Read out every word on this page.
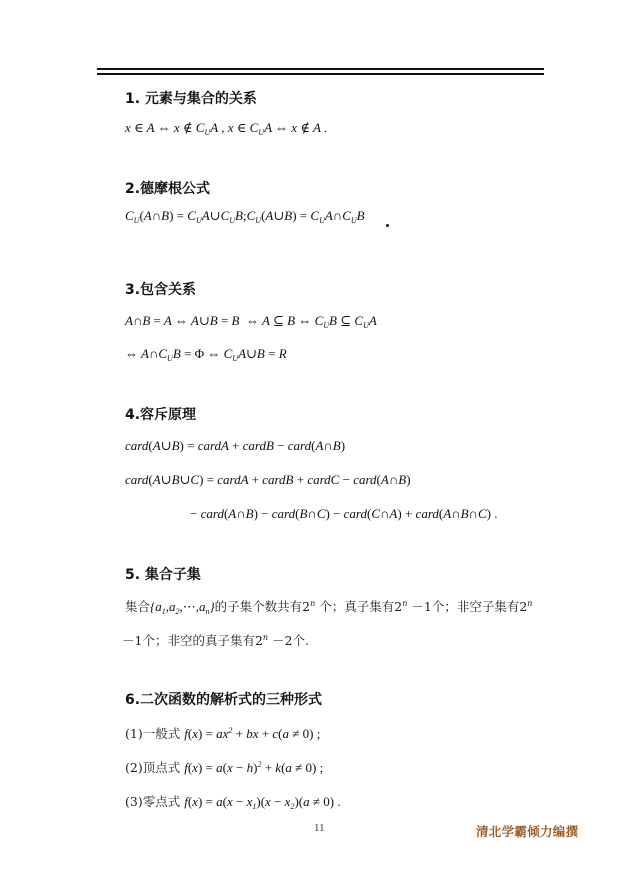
1. 元素与集合的关系
x ∈ A ⇔ x ∉ $C_UA$ , x ∈ $C_UA$ ⇔ x ∉ A .
2.德摩根公式
$C_U(A\cap B)$ = $C_UA\cup C_UB;C_U(A\cup B)$ = $C_UA\cap C_UB$
3.包含关系
A∩B = A ⇔ A∪B = B  ⇔ A ⊆ B ⇔ $C_UB$ ⊆ $C_UA$
⇔ $A\cap C_UB = \Phi$ ⇔ $C_UA\cup B = R$
4.容斥原理
card(A∪B) = cardA + cardB − card(A∩B)
card(A∪B∪C) = cardA + cardB + cardC − card(A∩B)
− card(A∩B) − card(B∩C) − card(C∩A) + card(A∩B∩C) .
5. 集合子集
集合$\{a_1,a_2,\cdots,a_n\}$的子集个数共有2$^n$ 个；真子集有$2^n -1$个；非空子集有$2^n$
－1个；非空的真子集有$2^n -2$个.
6.二次函数的解析式的三种形式
(1)一般式 $f(x) = ax^2$ + bx + c(a ≠ 0) ;
(2)顶点式 $f(x) = a(x - h)^2 + k(a \ne 0)$ ;
(3)零点式 $f(x) = a(x - x_1)(x - x_2)(a \ne 0)$ .
11	清北学霸倾力编撰
